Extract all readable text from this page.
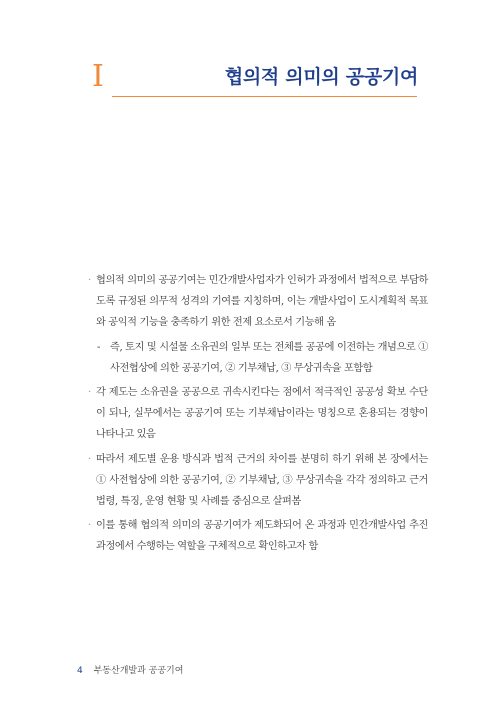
I	협의적 의미의 공공기여

· 협의적 의미의 공공기여는 민간개발사업자가 인허가 과정에서 법적으로 부담하도록 규정된 의무적 성격의 기여를 지칭하며, 이는 개발사업이 도시계획적 목표와 공익적 기능을 충족하기 위한 전제 요소로서 기능해 옴

- 즉, 토지 및 시설물 소유권의 일부 또는 전체를 공공에 이전하는 개념으로 ① 사전협상에 의한 공공기여, ② 기부채납, ③ 무상귀속을 포함함

· 각 제도는 소유권을 공공으로 귀속시킨다는 점에서 적극적인 공공성 확보 수단이 되나, 실무에서는 공공기여 또는 기부채납이라는 명칭으로 혼용되는 경향이 나타나고 있음

· 따라서 제도별 운용 방식과 법적 근거의 차이를 분명히 하기 위해 본 장에서는 ① 사전협상에 의한 공공기여, ② 기부채납, ③ 무상귀속을 각각 정의하고 근거 법령, 특징, 운영 현황 및 사례를 중심으로 살펴봄

· 이를 통해 협의적 의미의 공공기여가 제도화되어 온 과정과 민간개발사업 추진 과정에서 수행하는 역할을 구체적으로 확인하고자 함

4 부동산개발과 공공기여
